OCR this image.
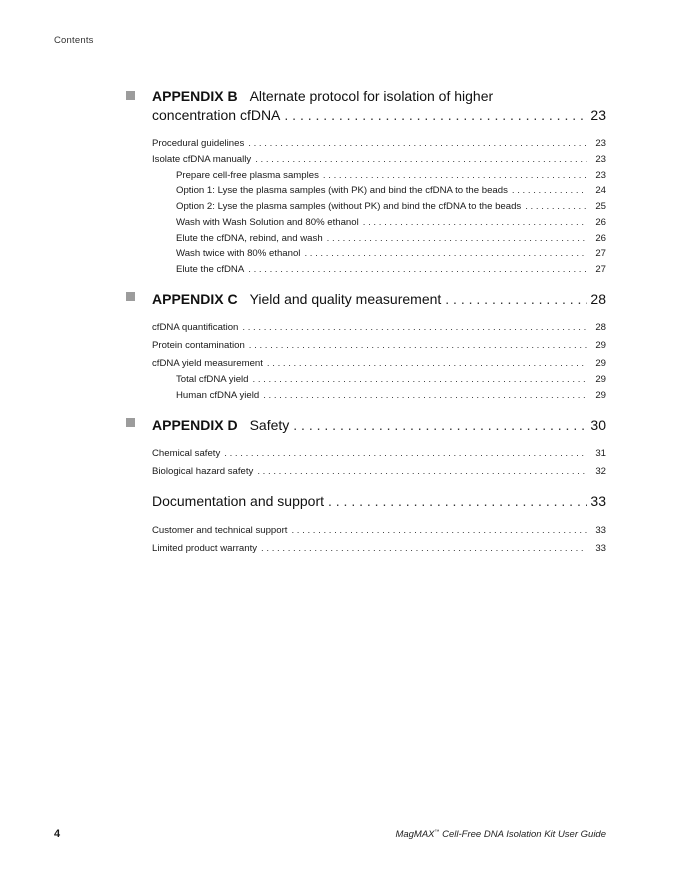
Contents
APPENDIX B Alternate protocol for isolation of higher
concentration cfDNA . . .	23
Procedural guidelines . . .	23
Isolate cfDNA manually . . .	23
Prepare cell-free plasma samples . . .	23
Option 1: Lyse the plasma samples (with PK) and bind the cfDNA to the beads . . .	24
Option 2: Lyse the plasma samples (without PK) and bind the cfDNA to the beads . . .	25
Wash with Wash Solution and 80% ethanol . . .	26
Elute the cfDNA, rebind, and wash . . .	26
Wash twice with 80% ethanol . . .	27
Elute the cfDNA . . .	27
APPENDIX C Yield and quality measurement . . .	28
cfDNA quantification . . .	28
Protein contamination . . .	29
cfDNA yield measurement . . .	29
Total cfDNA yield . . .	29
Human cfDNA yield . . .	29
APPENDIX D Safety . . .	30
Chemical safety . . .	31
Biological hazard safety . . .	32
Documentation and support . . .	33
Customer and technical support . . .	33
Limited product warranty . . .	33
4	MagMAX™ Cell-Free DNA Isolation Kit User Guide
